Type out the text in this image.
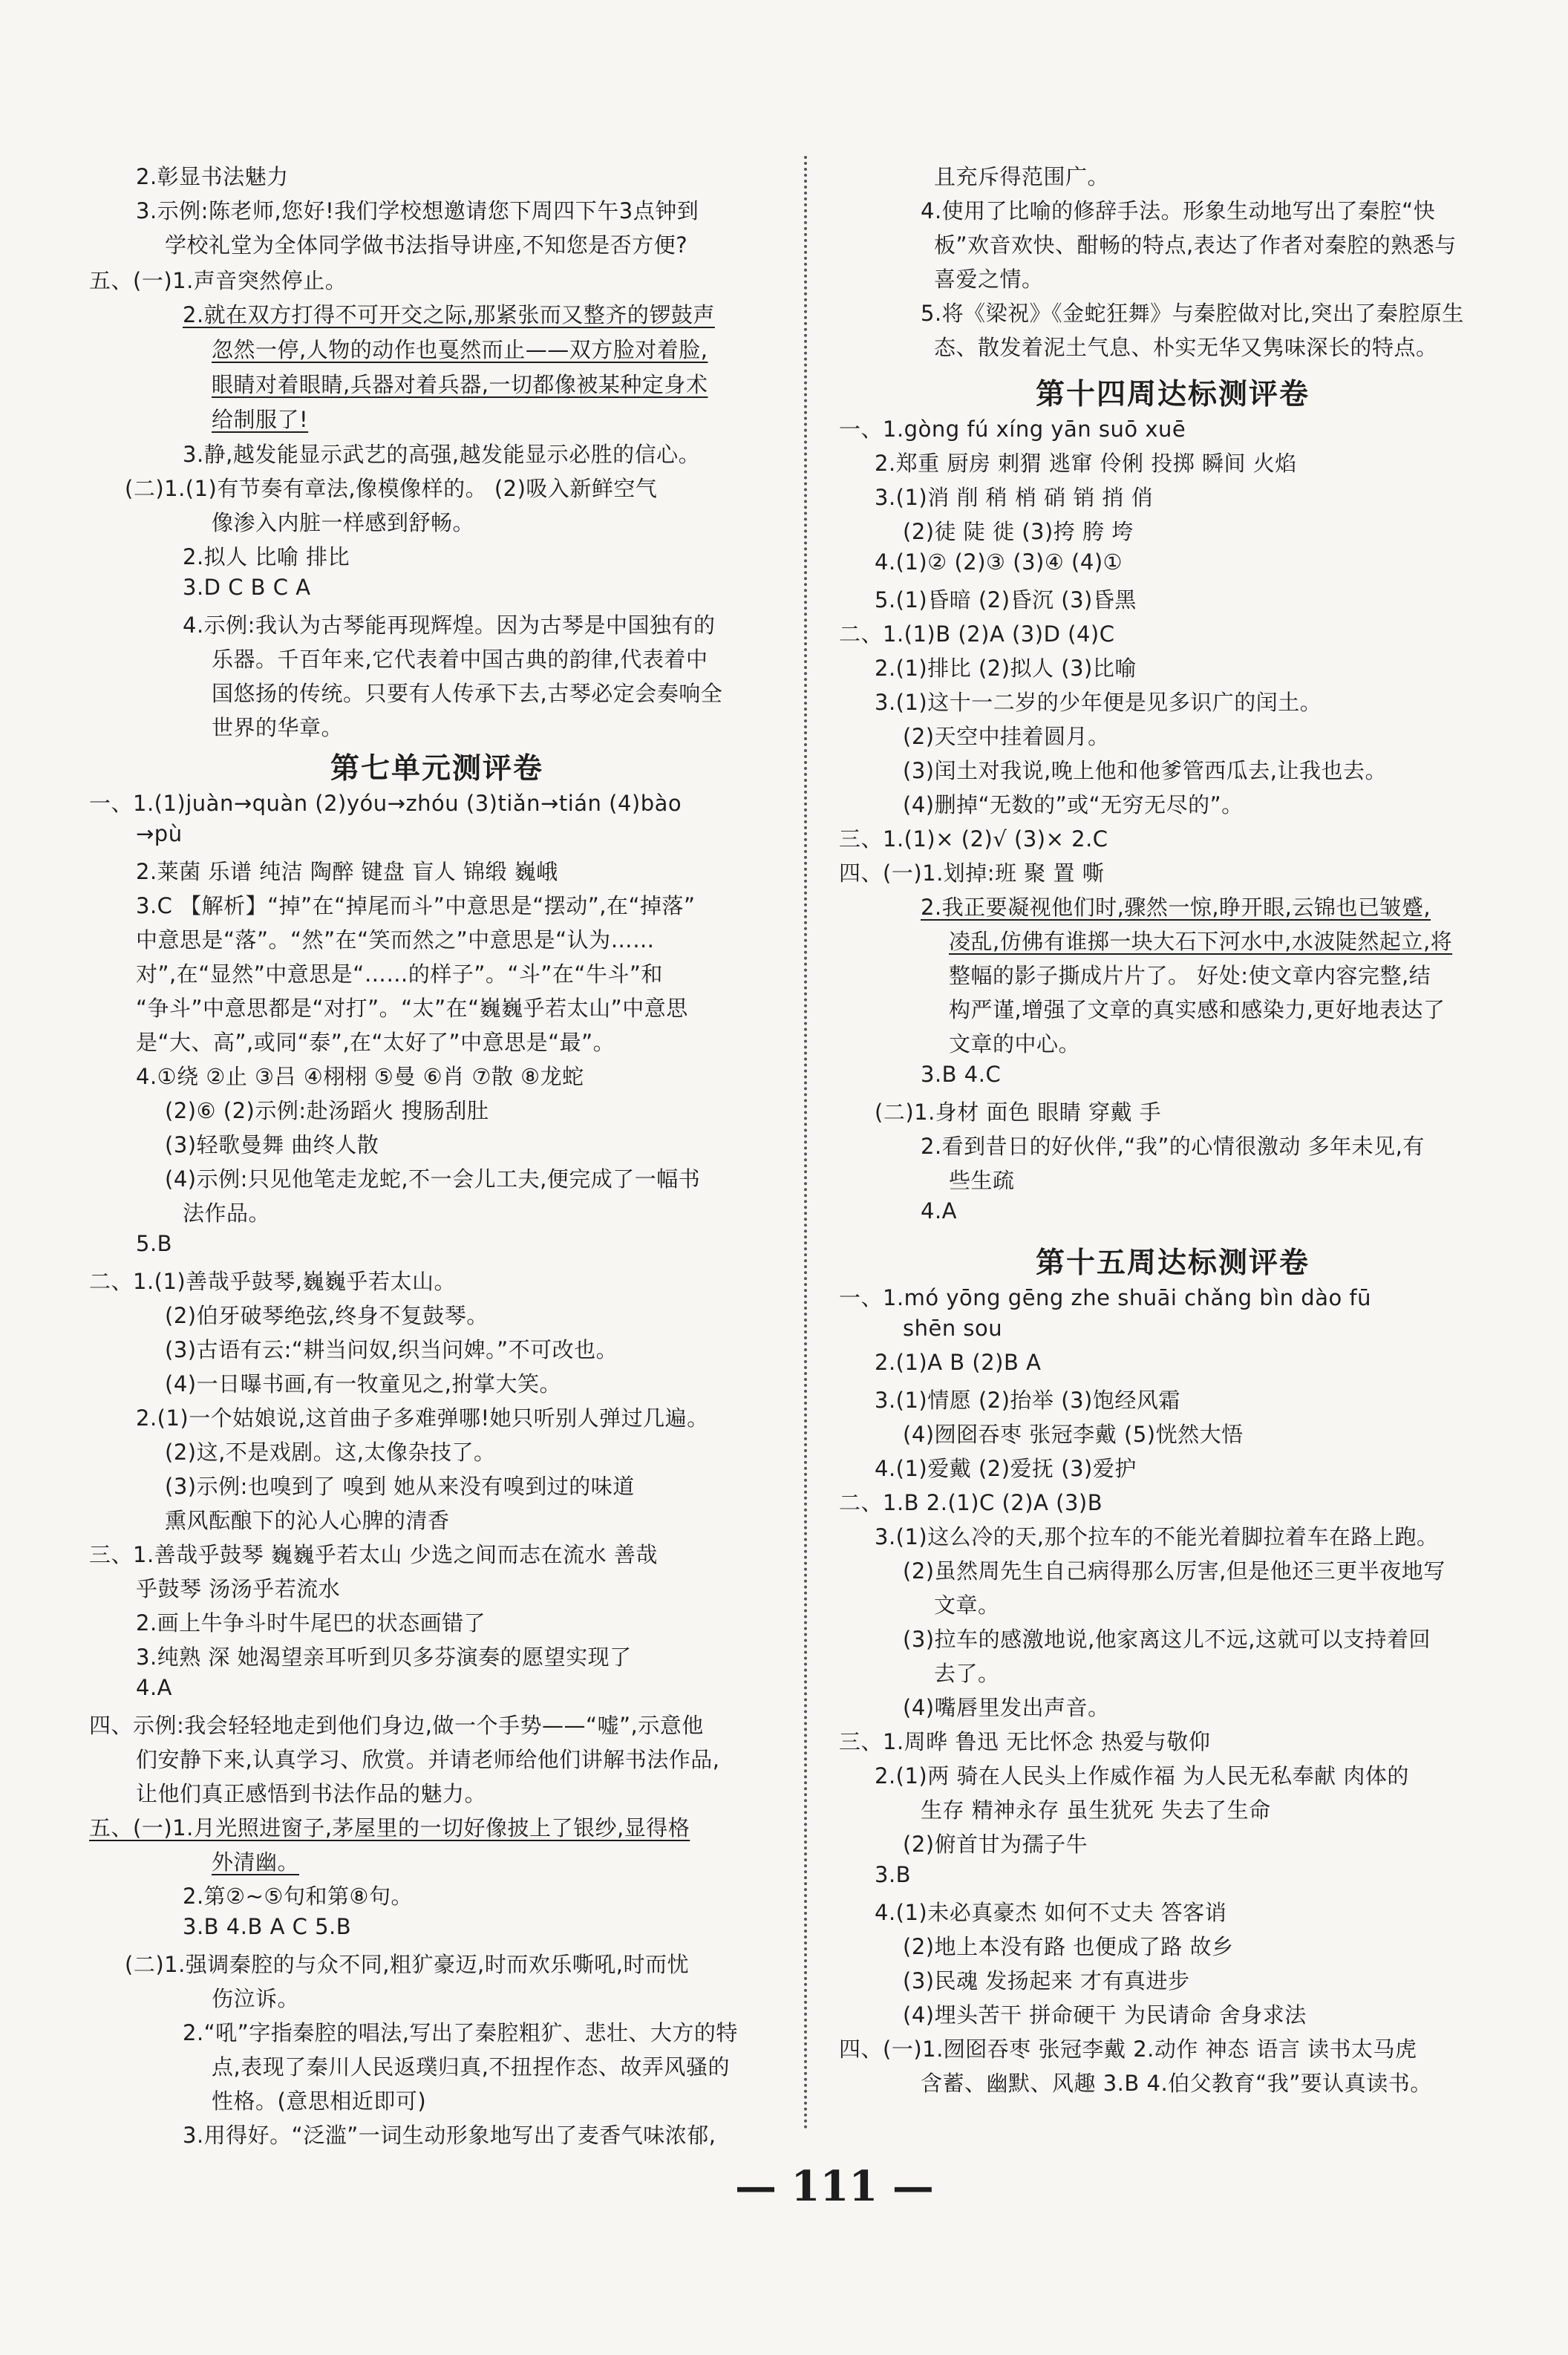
2.彰显书法魅力
3.示例:陈老师,您好!我们学校想邀请您下周四下午3点钟到
学校礼堂为全体同学做书法指导讲座,不知您是否方便?
五、(一)1.声音突然停止。
2.就在双方打得不可开交之际,那紧张而又整齐的锣鼓声
忽然一停,人物的动作也戛然而止——双方脸对着脸,
眼睛对着眼睛,兵器对着兵器,一切都像被某种定身术
给制服了!
3.静,越发能显示武艺的高强,越发能显示必胜的信心。
(二)1.(1)有节奏有章法,像模像样的。 (2)吸入新鲜空气
像渗入内脏一样感到舒畅。
2.拟人 比喻 排比
3.D C B C A
4.示例:我认为古琴能再现辉煌。因为古琴是中国独有的
乐器。千百年来,它代表着中国古典的韵律,代表着中
国悠扬的传统。只要有人传承下去,古琴必定会奏响全
世界的华章。
第七单元测评卷
一、1.(1)juàn→quàn (2)yóu→zhóu (3)tiǎn→tián (4)bào
→pù
2.莱菌 乐谱 纯洁 陶醉 键盘 盲人 锦缎 巍峨
3.C 【解析】“掉”在“掉尾而斗”中意思是“摆动”,在“掉落”
中意思是“落”。“然”在“笑而然之”中意思是“认为……
对”,在“显然”中意思是“……的样子”。“斗”在“牛斗”和
“争斗”中意思都是“对打”。“太”在“巍巍乎若太山”中意思
是“大、高”,或同“泰”,在“太好了”中意思是“最”。
4.①绕 ②止 ③吕 ④栩栩 ⑤曼 ⑥肖 ⑦散 ⑧龙蛇
(2)⑥ (2)示例:赴汤蹈火 搜肠刮肚
(3)轻歌曼舞 曲终人散
(4)示例:只见他笔走龙蛇,不一会儿工夫,便完成了一幅书
法作品。
5.B
二、1.(1)善哉乎鼓琴,巍巍乎若太山。
(2)伯牙破琴绝弦,终身不复鼓琴。
(3)古语有云:“耕当问奴,织当问婢。”不可改也。
(4)一日曝书画,有一牧童见之,拊掌大笑。
2.(1)一个姑娘说,这首曲子多难弹哪!她只听别人弹过几遍。
(2)这,不是戏剧。这,太像杂技了。
(3)示例:也嗅到了 嗅到 她从来没有嗅到过的味道
熏风酝酿下的沁人心脾的清香
三、1.善哉乎鼓琴 巍巍乎若太山 少选之间而志在流水 善哉
乎鼓琴 汤汤乎若流水
2.画上牛争斗时牛尾巴的状态画错了
3.纯熟 深 她渴望亲耳听到贝多芬演奏的愿望实现了
4.A
四、示例:我会轻轻地走到他们身边,做一个手势——“嘘”,示意他
们安静下来,认真学习、欣赏。并请老师给他们讲解书法作品,
让他们真正感悟到书法作品的魅力。
五、(一)1.月光照进窗子,茅屋里的一切好像披上了银纱,显得格
外清幽。
2.第②~⑤句和第⑧句。
3.B 4.B A C 5.B
(二)1.强调秦腔的与众不同,粗犷豪迈,时而欢乐嘶吼,时而忧
伤泣诉。
2.“吼”字指秦腔的唱法,写出了秦腔粗犷、悲壮、大方的特
点,表现了秦川人民返璞归真,不扭捏作态、故弄风骚的
性格。(意思相近即可)
3.用得好。“泛滥”一词生动形象地写出了麦香气味浓郁,
且充斥得范围广。
4.使用了比喻的修辞手法。形象生动地写出了秦腔“快
板”欢音欢快、酣畅的特点,表达了作者对秦腔的熟悉与
喜爱之情。
5.将《梁祝》《金蛇狂舞》与秦腔做对比,突出了秦腔原生
态、散发着泥土气息、朴实无华又隽味深长的特点。
第十四周达标测评卷
一、1.gòng fú xíng yān suō xuē
2.郑重 厨房 刺猬 逃窜 伶俐 投掷 瞬间 火焰
3.(1)消 削 稍 梢 硝 销 捎 俏
(2)徒 陡 徙 (3)挎 胯 垮
4.(1)② (2)③ (3)④ (4)①
5.(1)昏暗 (2)昏沉 (3)昏黑
二、1.(1)B (2)A (3)D (4)C
2.(1)排比 (2)拟人 (3)比喻
3.(1)这十一二岁的少年便是见多识广的闰土。
(2)天空中挂着圆月。
(3)闰土对我说,晚上他和他爹管西瓜去,让我也去。
(4)删掉“无数的”或“无穷无尽的”。
三、1.(1)× (2)√ (3)× 2.C
四、(一)1.划掉:班 聚 置 嘶
2.我正要凝视他们时,骤然一惊,睁开眼,云锦也已皱蹙,
凌乱,仿佛有谁掷一块大石下河水中,水波陡然起立,将
整幅的影子撕成片片了。 好处:使文章内容完整,结
构严谨,增强了文章的真实感和感染力,更好地表达了
文章的中心。
3.B 4.C
(二)1.身材 面色 眼睛 穿戴 手
2.看到昔日的好伙伴,“我”的心情很激动 多年未见,有
些生疏
4.A
第十五周达标测评卷
一、1.mó yōng gēng zhe shuāi chǎng bìn dào fū
shēn sou
2.(1)A B (2)B A
3.(1)情愿 (2)抬举 (3)饱经风霜
(4)囫囵吞枣 张冠李戴 (5)恍然大悟
4.(1)爱戴 (2)爱抚 (3)爱护
二、1.B 2.(1)C (2)A (3)B
3.(1)这么冷的天,那个拉车的不能光着脚拉着车在路上跑。
(2)虽然周先生自己病得那么厉害,但是他还三更半夜地写
文章。
(3)拉车的感激地说,他家离这儿不远,这就可以支持着回
去了。
(4)嘴唇里发出声音。
三、1.周晔 鲁迅 无比怀念 热爱与敬仰
2.(1)两 骑在人民头上作威作福 为人民无私奉献 肉体的
生存 精神永存 虽生犹死 失去了生命
(2)俯首甘为孺子牛
3.B
4.(1)未必真豪杰 如何不丈夫 答客诮
(2)地上本没有路 也便成了路 故乡
(3)民魂 发扬起来 才有真进步
(4)埋头苦干 拼命硬干 为民请命 舍身求法
四、(一)1.囫囵吞枣 张冠李戴 2.动作 神态 语言 读书太马虎
含蓄、幽默、风趣 3.B 4.伯父教育“我”要认真读书。
— 111 —
